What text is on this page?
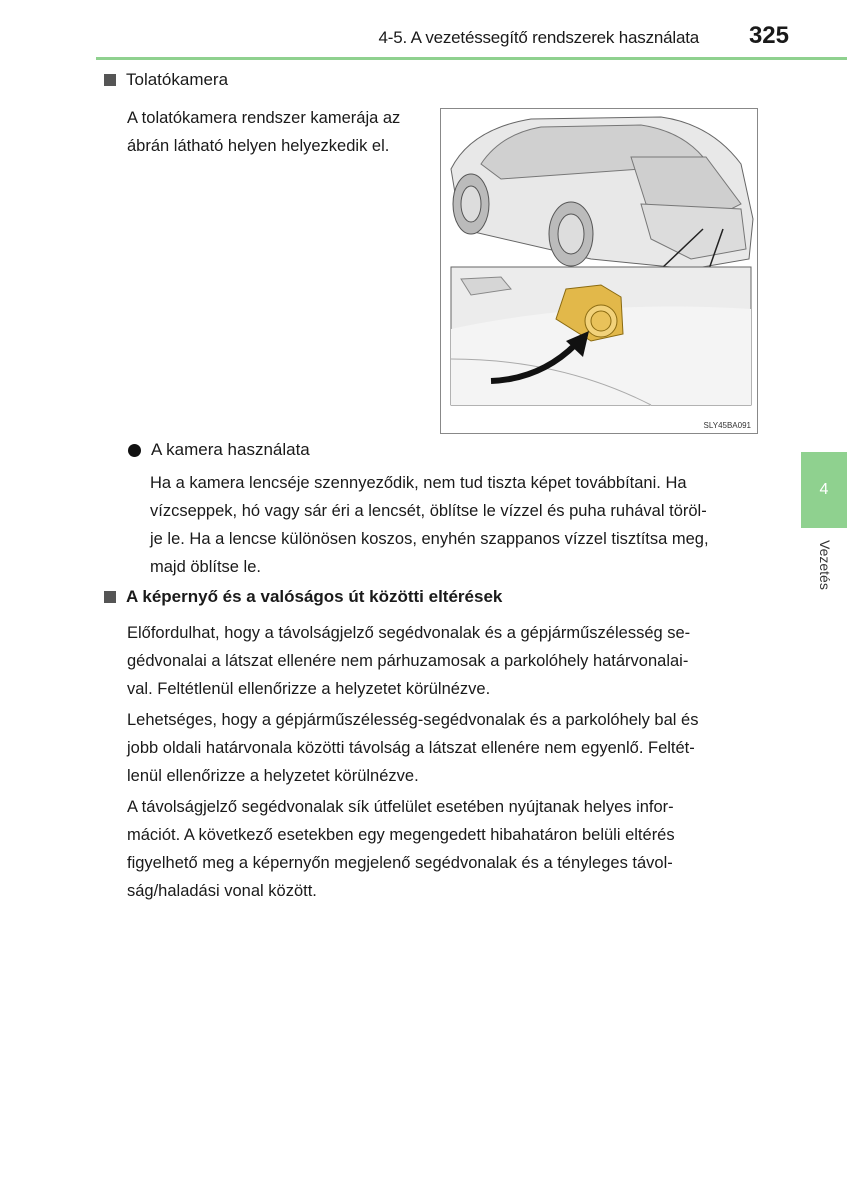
4-5. A vezetéssegítő rendszerek használata 325
Tolatókamera
A tolatókamera rendszer kamerája az
ábrán látható helyen helyezkedik el.
SLY45BA091
A kamera használata
Ha a kamera lencséje szennyeződik, nem tud tiszta képet továbbítani. Ha
vízcseppek, hó vagy sár éri a lencsét, öblítse le vízzel és puha ruhával töröl-
je le. Ha a lencse különösen koszos, enyhén szappanos vízzel tisztítsa meg,
majd öblítse le.
A képernyő és a valóságos út közötti eltérések
Előfordulhat, hogy a távolságjelző segédvonalak és a gépjárműszélesség se-
gédvonalai a látszat ellenére nem párhuzamosak a parkolóhely határvonalai-
val. Feltétlenül ellenőrizze a helyzetet körülnézve.
Lehetséges, hogy a gépjárműszélesség-segédvonalak és a parkolóhely bal és
jobb oldali határvonala közötti távolság a látszat ellenére nem egyenlő. Feltét-
lenül ellenőrizze a helyzetet körülnézve.
A távolságjelző segédvonalak sík útfelület esetében nyújtanak helyes infor-
mációt. A következő esetekben egy megengedett hibahatáron belüli eltérés
figyelhető meg a képernyőn megjelenő segédvonalak és a tényleges távol-
ság/haladási vonal között.
4
Vezetés
